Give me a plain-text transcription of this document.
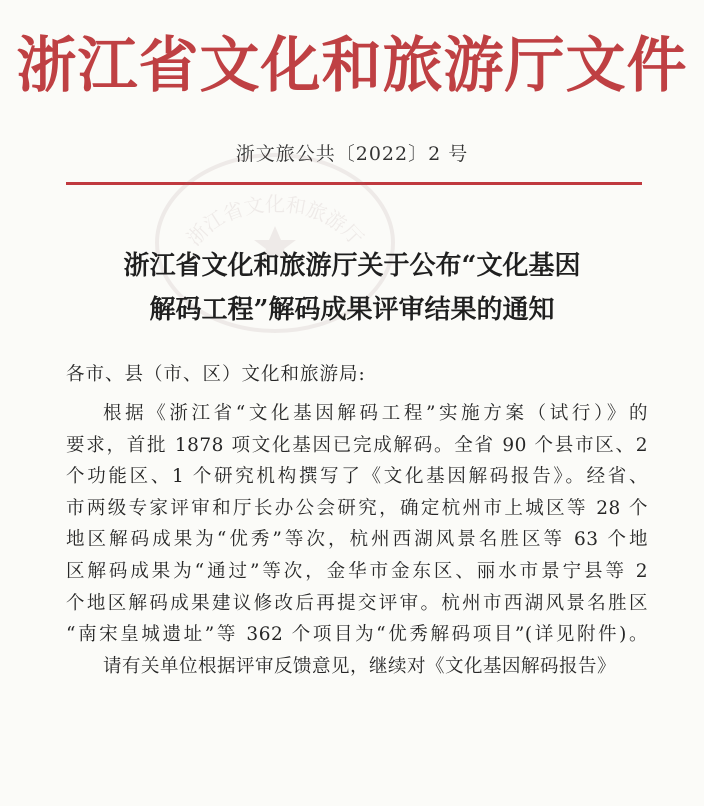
浙江省文化和旅游厅文件
浙文旅公共〔2022〕2 号
浙江省文化和旅游厅
浙江省文化和旅游厅关于公布“文化基因
解码工程”解码成果评审结果的通知
各市、县（市、区）文化和旅游局:
根据《浙江省“文化基因解码工程”实施方案（试行）》的
要求，首批 1878 项文化基因已完成解码。全省 90 个县市区、2
个功能区、1 个研究机构撰写了《文化基因解码报告》。经省、
市两级专家评审和厅长办公会研究，确定杭州市上城区等 28 个
地区解码成果为“优秀”等次，杭州西湖风景名胜区等 63 个地
区解码成果为“通过”等次，金华市金东区、丽水市景宁县等 2
个地区解码成果建议修改后再提交评审。杭州市西湖风景名胜区
“南宋皇城遗址”等 362 个项目为“优秀解码项目”(详见附件)。
请有关单位根据评审反馈意见，继续对《文化基因解码报告》
